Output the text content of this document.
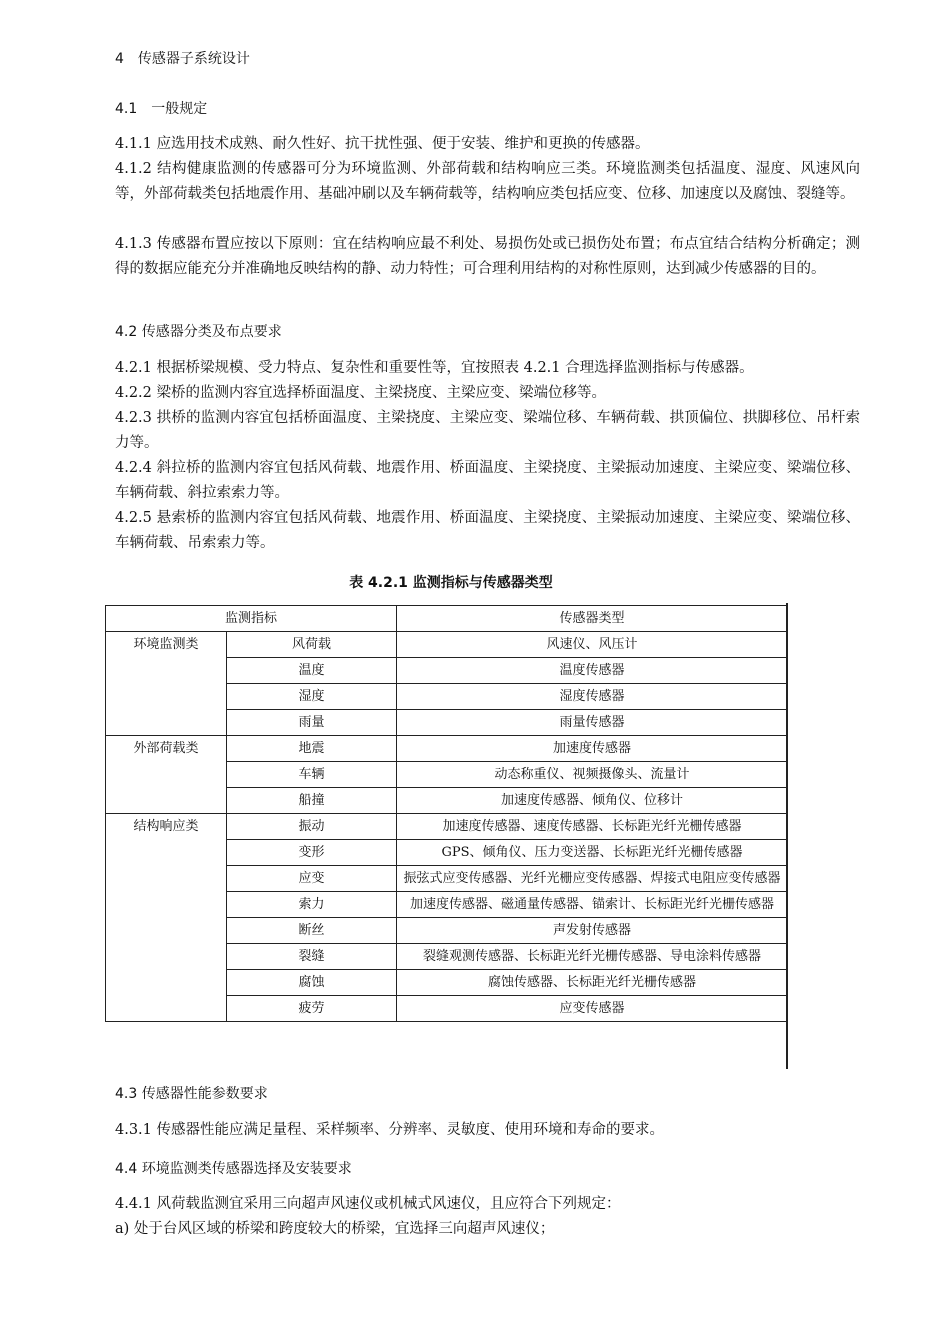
4　传感器子系统设计
4.1　一般规定
4.1.1 应选用技术成熟、耐久性好、抗干扰性强、便于安装、维护和更换的传感器。
4.1.2 结构健康监测的传感器可分为环境监测、外部荷载和结构响应三类。环境监测类包括温度、湿度、风速风向等，外部荷载类包括地震作用、基础冲刷以及车辆荷载等，结构响应类包括应变、位移、加速度以及腐蚀、裂缝等。
4.1.3 传感器布置应按以下原则：宜在结构响应最不利处、易损伤处或已损伤处布置；布点宜结合结构分析确定；测得的数据应能充分并准确地反映结构的静、动力特性；可合理利用结构的对称性原则，达到减少传感器的目的。
4.2 传感器分类及布点要求
4.2.1 根据桥梁规模、受力特点、复杂性和重要性等，宜按照表 4.2.1 合理选择监测指标与传感器。
4.2.2 梁桥的监测内容宜选择桥面温度、主梁挠度、主梁应变、梁端位移等。
4.2.3 拱桥的监测内容宜包括桥面温度、主梁挠度、主梁应变、梁端位移、车辆荷载、拱顶偏位、拱脚移位、吊杆索力等。
4.2.4 斜拉桥的监测内容宜包括风荷载、地震作用、桥面温度、主梁挠度、主梁振动加速度、主梁应变、梁端位移、车辆荷载、斜拉索索力等。
4.2.5 悬索桥的监测内容宜包括风荷载、地震作用、桥面温度、主梁挠度、主梁振动加速度、主梁应变、梁端位移、车辆荷载、吊索索力等。
表 4.2.1 监测指标与传感器类型
监测指标		传感器类型
环境监测类	风荷载	风速仪、风压计
	温度	温度传感器
	湿度	湿度传感器
	雨量	雨量传感器
外部荷载类	地震	加速度传感器
	车辆	动态称重仪、视频摄像头、流量计
	船撞	加速度传感器、倾角仪、位移计
结构响应类	振动	加速度传感器、速度传感器、长标距光纤光栅传感器
	变形	GPS、倾角仪、压力变送器、长标距光纤光栅传感器
	应变	振弦式应变传感器、光纤光栅应变传感器、焊接式电阻应变传感器
	索力	加速度传感器、磁通量传感器、锚索计、长标距光纤光栅传感器
	断丝	声发射传感器
	裂缝	裂缝观测传感器、长标距光纤光栅传感器、导电涂料传感器
	腐蚀	腐蚀传感器、长标距光纤光栅传感器
	疲劳	应变传感器
4.3 传感器性能参数要求
4.3.1 传感器性能应满足量程、采样频率、分辨率、灵敏度、使用环境和寿命的要求。
4.4 环境监测类传感器选择及安装要求
4.4.1 风荷载监测宜采用三向超声风速仪或机械式风速仪，且应符合下列规定：
a) 处于台风区域的桥梁和跨度较大的桥梁，宜选择三向超声风速仪；
